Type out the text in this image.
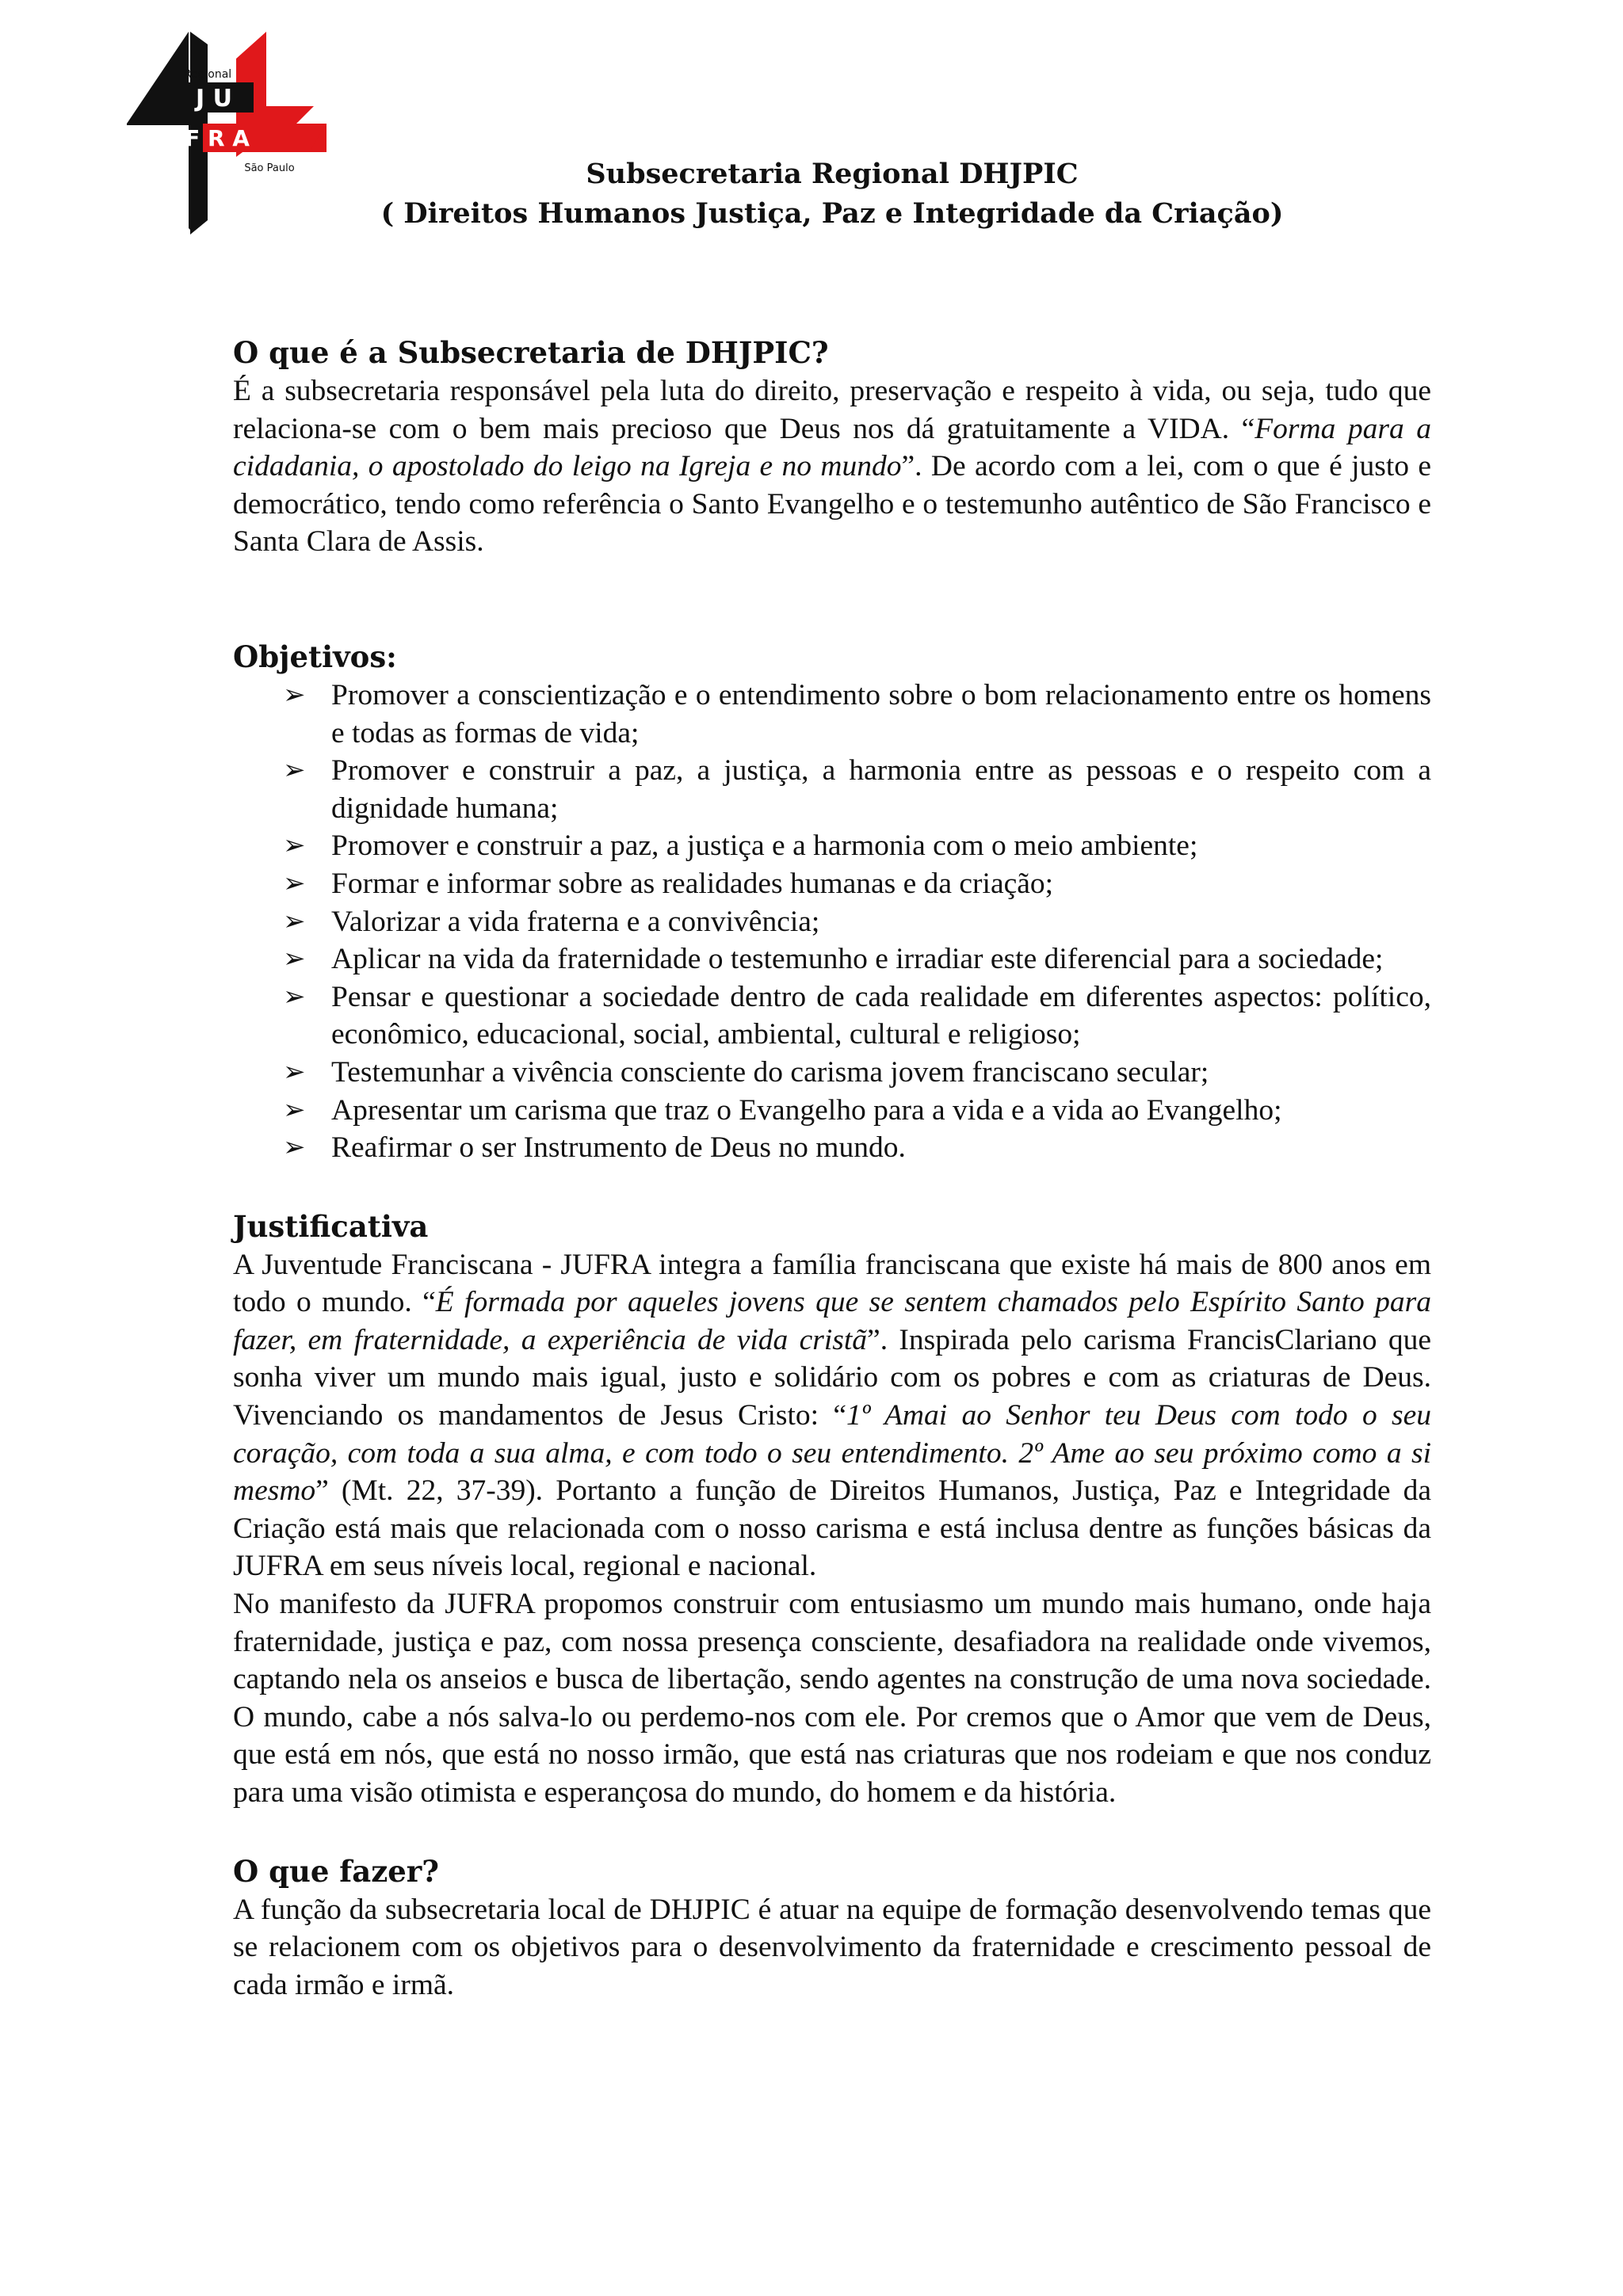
J U
F R A
Regional
São Paulo	Subsecretaria Regional DHJPIC
( Direitos Humanos Justiça, Paz e Integridade da Criação)
O que é a Subsecretaria de DHJPIC?

É a subsecretaria responsável pela luta do direito, preservação e respeito à vida, ou seja, tudo que relaciona-se com o bem mais precioso que Deus nos dá gratuitamente a VIDA. “Forma para a cidadania, o apostolado do leigo na Igreja e no mundo”. De acordo com a lei, com o que é justo e democrático, tendo como referência o Santo Evangelho e o testemunho autêntico de São Francisco e Santa Clara de Assis.

Objetivos:
➢ Promover a conscientização e o entendimento sobre o bom relacionamento entre os homens e todas as formas de vida;
➢ Promover e construir a paz, a justiça, a harmonia entre as pessoas e o respeito com a dignidade humana;
➢ Promover e construir a paz, a justiça e a harmonia com o meio ambiente;
➢ Formar e informar sobre as realidades humanas e da criação;
➢ Valorizar a vida fraterna e a convivência;
➢ Aplicar na vida da fraternidade o testemunho e irradiar este diferencial para a sociedade;
➢ Pensar e questionar a sociedade dentro de cada realidade em diferentes aspectos: político, econômico, educacional, social, ambiental, cultural e religioso;
➢ Testemunhar a vivência consciente do carisma jovem franciscano secular;
➢ Apresentar um carisma que traz o Evangelho para a vida e a vida ao Evangelho;
➢ Reafirmar o ser Instrumento de Deus no mundo.
Justificativa

A Juventude Franciscana - JUFRA integra a família franciscana que existe há mais de 800 anos em todo o mundo. “É formada por aqueles jovens que se sentem chamados pelo Espírito Santo para fazer, em fraternidade, a experiência de vida cristã”. Inspirada pelo carisma FrancisClariano que sonha viver um mundo mais igual, justo e solidário com os pobres e com as criaturas de Deus. Vivenciando os mandamentos de Jesus Cristo: “1º Amai ao Senhor teu Deus com todo o seu coração, com toda a sua alma, e com todo o seu entendimento. 2º Ame ao seu próximo como a si mesmo” (Mt. 22, 37-39). Portanto a função de Direitos Humanos, Justiça, Paz e Integridade da Criação está mais que relacionada com o nosso carisma e está inclusa dentre as funções básicas da JUFRA em seus níveis local, regional e nacional.

No manifesto da JUFRA propomos construir com entusiasmo um mundo mais humano, onde haja fraternidade, justiça e paz, com nossa presença consciente, desafiadora na realidade onde vivemos, captando nela os anseios e busca de libertação, sendo agentes na construção de uma nova sociedade. O mundo, cabe a nós salva-lo ou perdemo-nos com ele. Por cremos que o Amor que vem de Deus, que está em nós, que está no nosso irmão, que está nas criaturas que nos rodeiam e que nos conduz para uma visão otimista e esperançosa do mundo, do homem e da história.

O que fazer?

A função da subsecretaria local de DHJPIC é atuar na equipe de formação desenvolvendo temas que se relacionem com os objetivos para o desenvolvimento da fraternidade e crescimento pessoal de cada irmão e irmã.
